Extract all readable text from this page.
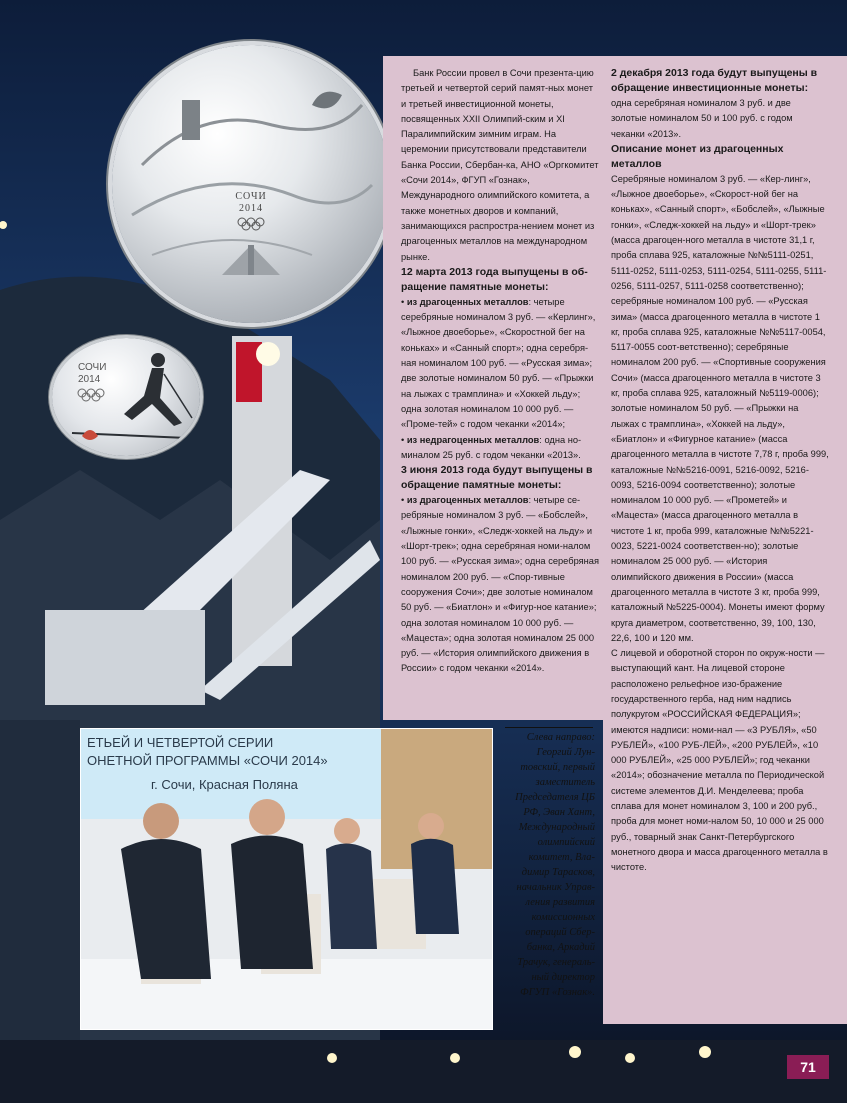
СОЧИ
2014
СОЧИ
2014

Банк России провел в Сочи презента-цию третьей и четвертой серий памят-ных монет и третьей инвестиционной монеты, посвященных XXII Олимпий-ским и XI Паралимпийским зимним играм. На церемонии присутствовали представители Банка России, Сбербан-ка, АНО «Оргкомитет «Сочи 2014», ФГУП «Гознак», Международного олимпийского комитета, а также монетных дворов и компаний, занимающихся распростра-нением монет из драгоценных металлов на международном рынке.

12 марта 2013 года выпущены в об-ращение памятные монеты:

• из драгоценных металлов: четыре серебряные номиналом 3 руб. — «Керлинг», «Лыжное двоеборье», «Скоростной бег на коньках» и «Санный спорт»; одна серебря-ная номиналом 100 руб. — «Русская зима»; две золотые номиналом 50 руб. — «Прыжки на лыжах с трамплина» и «Хоккей льду»; одна золотая номиналом 10 000 руб. — «Проме-тей» с годом чеканки «2014»;

• из недрагоценных металлов: одна но-миналом 25 руб. с годом чеканки «2013».

3 июня 2013 года будут выпущены в обращение памятные монеты:

• из драгоценных металлов: четыре се-ребряные номиналом 3 руб. — «Бобслей», «Лыжные гонки», «Следж-хоккей на льду» и «Шорт-трек»; одна серебряная номи-налом 100 руб. — «Русская зима»; одна серебряная номиналом 200 руб. — «Спор-тивные сооружения Сочи»; две золотые номиналом 50 руб. — «Биатлон» и «Фигур-ное катание»; одна золотая номиналом 10 000 руб. — «Мацеста»; одна золотая номиналом 25 000 руб. — «История олимпийского движения в России» с годом чеканки «2014».

2 декабря 2013 года будут выпущены в обращение инвестиционные монеты:

одна серебряная номиналом 3 руб. и две золотые номиналом 50 и 100 руб. с годом чеканки «2013».

Описание монет из драгоценных металлов

Серебряные номиналом 3 руб. — «Кер-линг», «Лыжное двоеборье», «Скорост-ной бег на коньках», «Санный спорт», «Бобслей», «Лыжные гонки», «Следж-хоккей на льду» и «Шорт-трек» (масса драгоцен-ного металла в чистоте 31,1 г, проба сплава 925, каталожные №№5111-0251, 5111-0252, 5111-0253, 5111-0254, 5111-0255, 5111-0256, 5111-0257, 5111-0258 соответственно); серебряные номиналом 100 руб. — «Русская зима» (масса драгоценного металла в чистоте 1 кг, проба сплава 925, каталожные №№5117-0054, 5117-0055 соот-ветственно); серебряные номиналом 200 руб. — «Спортивные сооружения Сочи» (масса драгоценного металла в чистоте 3 кг, проба сплава 925, каталожный №5119-0006); золотые номиналом 50 руб. — «Прыжки на лыжах с трамплина», «Хоккей на льду», «Биатлон» и «Фигурное катание» (масса драгоценного металла в чистоте 7,78 г, проба 999, каталожные №№5216-0091, 5216-0092, 5216-0093, 5216-0094 соответственно); золотые номиналом 10 000 руб. — «Прометей» и «Мацеста» (масса драгоценного металла в чистоте 1 кг, проба 999, каталожные №№5221-0023, 5221-0024 соответствен-но); золотые номиналом 25 000 руб. — «История олимпийского движения в России» (масса драгоценного металла в чистоте 3 кг, проба 999, каталожный №5225-0004). Монеты имеют форму круга диаметром, соответственно, 39, 100, 130, 22,6, 100 и 120 мм.

С лицевой и оборотной сторон по окруж-ности — выступающий кант. На лицевой стороне расположено рельефное изо-бражение государственного герба, над ним надпись полукругом «РОССИЙСКАЯ ФЕДЕРАЦИЯ»; имеются надписи: номи-нал — «3 РУБЛЯ», «50 РУБЛЕЙ», «100 РУБ-ЛЕЙ», «200 РУБЛЕЙ», «10 000 РУБЛЕЙ», «25 000 РУБЛЕЙ»; год чеканки «2014»; обозначение металла по Периодической системе элементов Д.И. Менделеева; проба сплава для монет номиналом 3, 100 и 200 руб., проба для монет номи-налом 50, 10 000 и 25 000 руб., товарный знак Санкт-Петербургского монетного двора и масса драгоценного металла в чистоте.

ЕТЬЕЙ И ЧЕТВЕРТОЙ СЕРИИ
ОНЕТНОЙ ПРОГРАММЫ «СОЧИ 2014»
г. Сочи, Красная Поляна
Слева направо: Георгий Лун-товский, первый заместитель Председателя ЦБ РФ, Эван Хант, Международный олимпийский комитет, Вла-димир Тарасков, начальник Управ-ления развития комиссионных операций Сбер-банка, Аркадий Трачук, генераль-ный директор ФГУП «Гознак».
71
